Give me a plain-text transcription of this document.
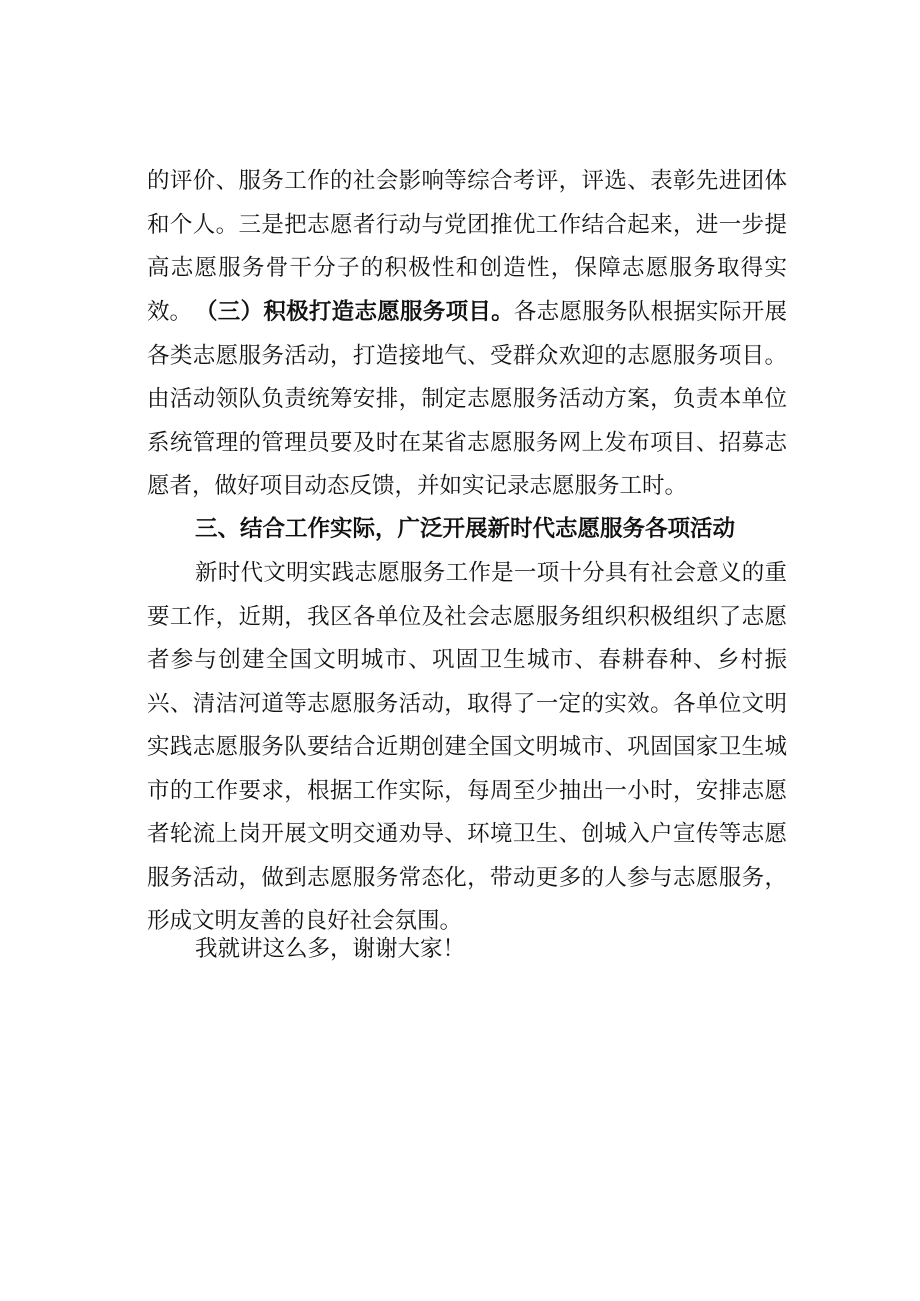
的评价、服务工作的社会影响等综合考评，评选、表彰先进团体和个人。三是把志愿者行动与党团推优工作结合起来，进一步提高志愿服务骨干分子的积极性和创造性，保障志愿服务取得实效。 （三）积极打造志愿服务项目。各志愿服务队根据实际开展各类志愿服务活动，打造接地气、受群众欢迎的志愿服务项目。由活动领队负责统筹安排，制定志愿服务活动方案，负责本单位系统管理的管理员要及时在某省志愿服务网上发布项目、招募志愿者，做好项目动态反馈，并如实记录志愿服务工时。

三、结合工作实际，广泛开展新时代志愿服务各项活动

新时代文明实践志愿服务工作是一项十分具有社会意义的重要工作，近期，我区各单位及社会志愿服务组织积极组织了志愿者参与创建全国文明城市、巩固卫生城市、春耕春种、乡村振兴、清洁河道等志愿服务活动，取得了一定的实效。各单位文明实践志愿服务队要结合近期创建全国文明城市、巩固国家卫生城市的工作要求，根据工作实际，每周至少抽出一小时，安排志愿者轮流上岗开展文明交通劝导、环境卫生、创城入户宣传等志愿服务活动，做到志愿服务常态化，带动更多的人参与志愿服务，形成文明友善的良好社会氛围。

我就讲这么多，谢谢大家！
